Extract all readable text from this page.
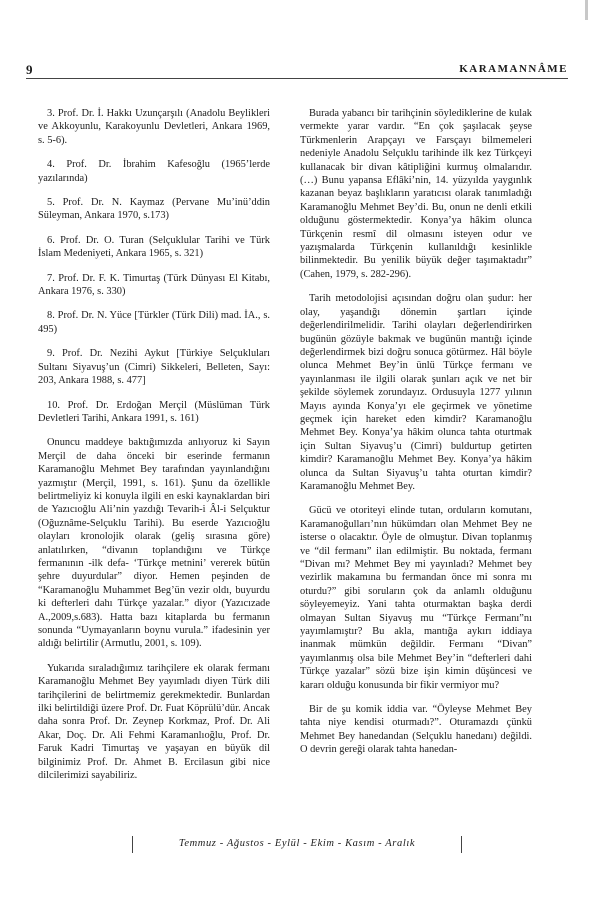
9	KARAMANNÂME

3. Prof. Dr. İ. Hakkı Uzunçarşılı (Anadolu Beylikleri ve Akkoyunlu, Karakoyunlu Devletleri, Ankara 1969, s. 5-6).

4. Prof. Dr. İbrahim Kafesoğlu (1965’lerde yazılarında)

5. Prof. Dr. N. Kaymaz (Pervane Mu’inü’ddin Süleyman, Ankara 1970, s.173)

6. Prof. Dr. O. Turan (Selçuklular Tarihi ve Türk İslam Medeniyeti, Ankara 1965, s. 321)

7. Prof. Dr. F. K. Timurtaş (Türk Dünyası El Kitabı, Ankara 1976, s. 330)

8. Prof. Dr. N. Yüce [Türkler (Türk Dili) mad. İA., s. 495)

9. Prof. Dr. Nezihi Aykut [Türkiye Selçukluları Sultanı Siyavuş’un (Cimri) Sikkeleri, Belleten, Sayı: 203, Ankara 1988, s. 477]

10. Prof. Dr. Erdoğan Merçil (Müslüman Türk Devletleri Tarihi, Ankara 1991, s. 161)

Onuncu maddeye baktığımızda anlıyoruz ki Sayın Merçil de daha önceki bir eserinde fermanın Karamanoğlu Mehmet Bey tarafından yayınlandığını yazmıştır (Merçil, 1991, s. 161). Şunu da özellikle belirtmeliyiz ki konuyla ilgili en eski kaynaklardan biri de Yazıcıoğlu Ali’nin yazdığı Tevarih-i Âl-i Selçuktur (Oğuznâme-Selçuklu Tarihi). Bu eserde Yazıcıoğlu olayları kronolojik olarak (geliş sırasına göre) anlatılırken, “divanın toplandığını ve Türkçe fermanının -ilk defa- ‘Türkçe metnini’ vererek bütün şehre duyurdular” diyor. Hemen peşinden de “Karamanoğlu Muhammet Beg’ün vezir oldı, buyurdu ki defterleri dahı Türkçe yazalar.” diyor (Yazıcızade A.,2009,s.683). Hatta bazı kitaplarda bu fermanın sonunda “Uymayanların boynu vurula.” ifadesinin yer aldığı belirtilir (Armutlu, 2001, s. 109).

Yukarıda sıraladığımız tarihçilere ek olarak fermanı Karamanoğlu Mehmet Bey yayımladı diyen Türk dili tarihçilerini de belirtmemiz gerekmektedir. Bunlardan ilki belirtildiği üzere Prof. Dr. Fuat Köprülü’dür. Ancak daha sonra Prof. Dr. Zeynep Korkmaz, Prof. Dr. Ali Akar, Doç. Dr. Ali Fehmi Karamanlıoğlu, Prof. Dr. Faruk Kadri Timurtaş ve yaşayan en büyük dil bilginimiz Prof. Dr. Ahmet B. Ercilasun gibi nice dilcilerimizi sayabiliriz.

Burada yabancı bir tarihçinin söylediklerine de kulak vermekte yarar vardır. “En çok şaşılacak şeyse Türkmenlerin Arapçayı ve Farsçayı bilmemeleri nedeniyle Anadolu Selçuklu tarihinde ilk kez Türkçeyi kullanacak bir divan kâtipliğini kurmuş olmalarıdır. (…) Bunu yapansa Eflâki’nin, 14. yüzyılda yaygınlık kazanan beyaz başlıkların yaratıcısı olarak tanımladığı Karamanoğlu Mehmet Bey’di. Bu, onun ne denli etkili olduğunu göstermektedir. Konya’ya hâkim olunca Türkçenin resmî dil olmasını isteyen odur ve yazışmalarda Türkçenin kullanıldığı kesinlikle bilinmektedir. Bu yenilik büyük değer taşımaktadır” (Cahen, 1979, s. 282-296).

Tarih metodolojisi açısından doğru olan şudur: her olay, yaşandığı dönemin şartları içinde değerlendirilmelidir. Tarihi olayları değerlendirirken bugünün gözüyle bakmak ve bugünün mantığı içinde değerlendirmek bizi doğru sonuca götürmez. Hâl böyle olunca Mehmet Bey’in ünlü Türkçe fermanı ve yayınlanması ile ilgili olarak şunları açık ve net bir şekilde söylemek zorundayız. Ordusuyla 1277 yılının Mayıs ayında Konya’yı ele geçirmek ve yönetime geçmek için hareket eden kimdir? Karamanoğlu Mehmet Bey. Konya’ya hâkim olunca tahta oturtmak için Sultan Siyavuş’u (Cimri) buldurtup getirten kimdir? Karamanoğlu Mehmet Bey. Konya’ya hâkim olunca da Sultan Siyavuş’u tahta oturtan kimdir? Karamanoğlu Mehmet Bey.

Gücü ve otoriteyi elinde tutan, orduların komutanı, Karamanoğulları’nın hükümdarı olan Mehmet Bey ne isterse o olacaktır. Öyle de olmuştur. Divan toplanmış ve “dil fermanı” ilan edilmiştir. Bu noktada, fermanı “Divan mı? Mehmet Bey mi yayınladı? Mehmet bey vezirlik makamına bu fermandan önce mi sonra mı oturdu?” gibi soruların çok da anlamlı olduğunu söyleyemeyiz. Yani tahta oturmaktan başka derdi olmayan Sultan Siyavuş mu “Türkçe Fermanı”nı yayımlamıştır? Bu akla, mantığa aykırı iddiaya inanmak mümkün değildir. Fermanı “Divan” yayımlanmış olsa bile Mehmet Bey’in “defterleri dahi Türkçe yazalar” sözü bize işin kimin düşüncesi ve kararı olduğu konusunda bir fikir vermiyor mu?

Bir de şu komik iddia var. “Öyleyse Mehmet Bey tahta niye kendisi oturmadı?”. Oturamazdı çünkü Mehmet Bey hanedandan (Selçuklu hanedanı) değildi. O devrin gereği olarak tahta hanedan-

Temmuz - Ağustos - Eylül - Ekim - Kasım - Aralık
